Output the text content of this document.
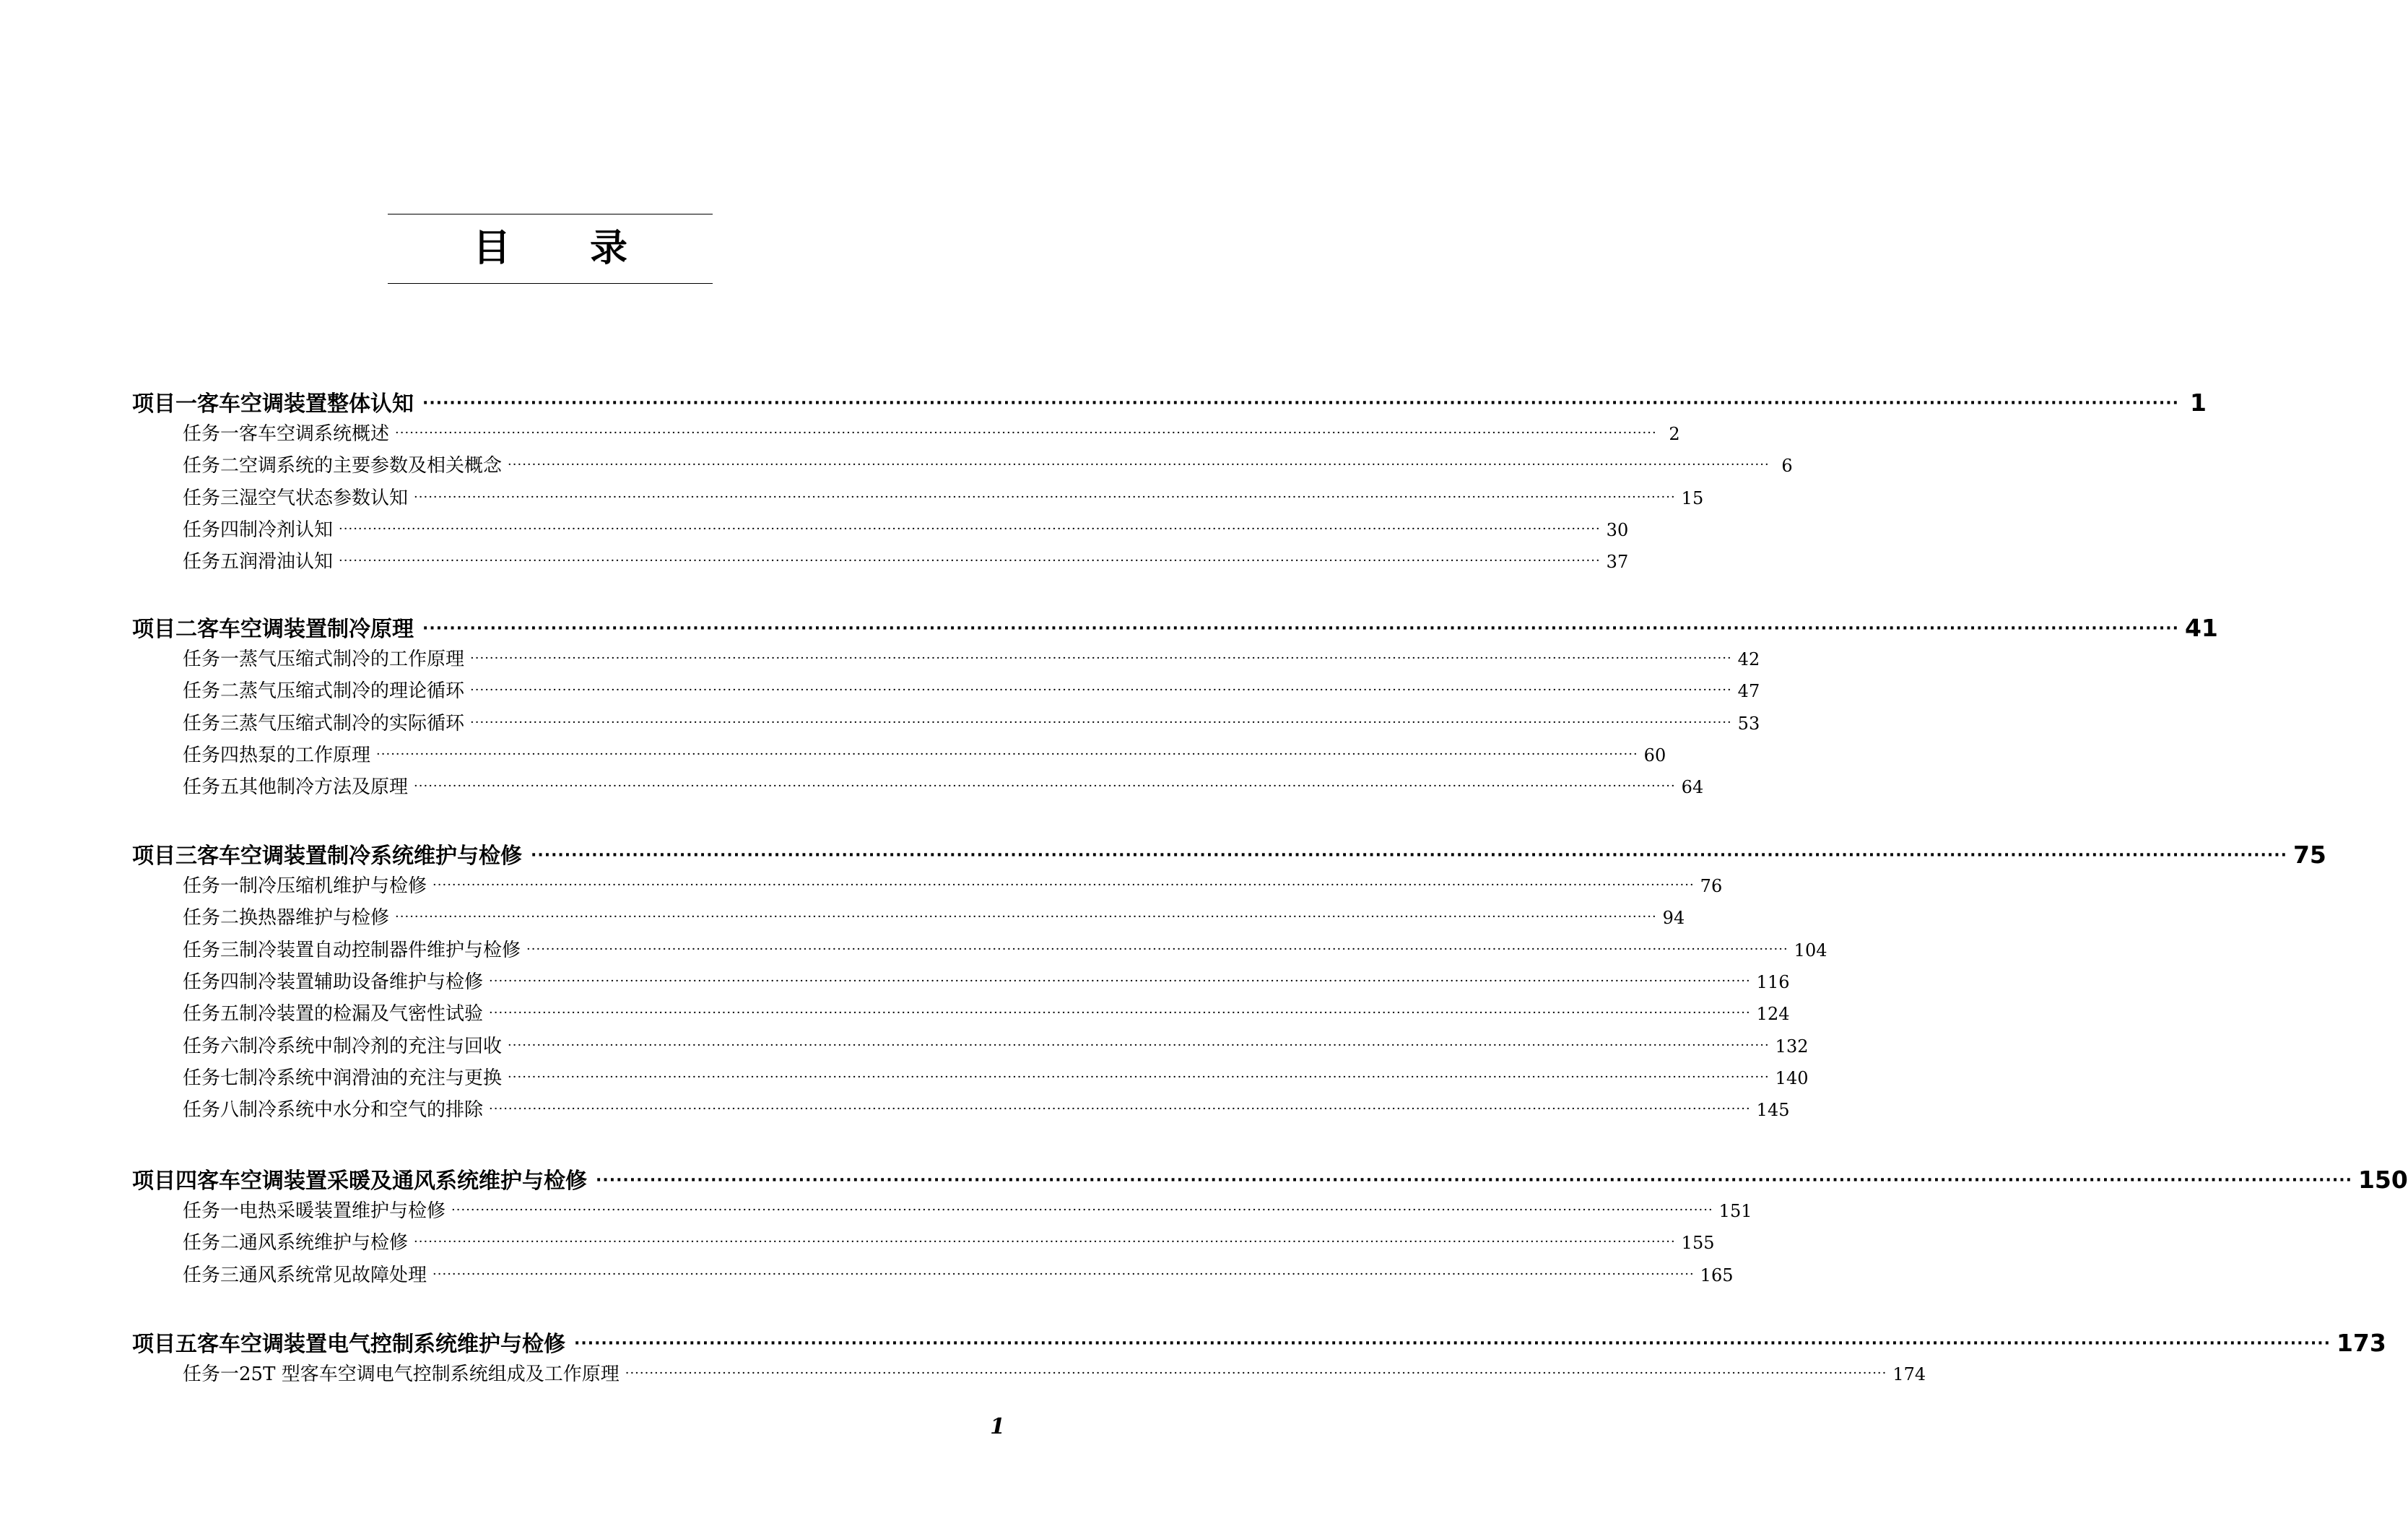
目录
项目一 客车空调装置整体认知 ···································································································································································································································································· 1
任务一 客车空调系统概述 ···································································································································································································································································· 2
任务二 空调系统的主要参数及相关概念 ···································································································································································································································································· 6
任务三 湿空气状态参数认知 ···································································································································································································································································· 15
任务四 制冷剂认知 ···································································································································································································································································· 30
任务五 润滑油认知 ···································································································································································································································································· 37
项目二 客车空调装置制冷原理 ···································································································································································································································································· 41
任务一 蒸气压缩式制冷的工作原理 ···································································································································································································································································· 42
任务二 蒸气压缩式制冷的理论循环 ···································································································································································································································································· 47
任务三 蒸气压缩式制冷的实际循环 ···································································································································································································································································· 53
任务四 热泵的工作原理 ···································································································································································································································································· 60
任务五 其他制冷方法及原理 ···································································································································································································································································· 64
项目三 客车空调装置制冷系统维护与检修 ···································································································································································································································································· 75
任务一 制冷压缩机维护与检修 ···································································································································································································································································· 76
任务二 换热器维护与检修 ···································································································································································································································································· 94
任务三 制冷装置自动控制器件维护与检修 ···································································································································································································································································· 104
任务四 制冷装置辅助设备维护与检修 ···································································································································································································································································· 116
任务五 制冷装置的检漏及气密性试验 ···································································································································································································································································· 124
任务六 制冷系统中制冷剂的充注与回收 ···································································································································································································································································· 132
任务七 制冷系统中润滑油的充注与更换 ···································································································································································································································································· 140
任务八 制冷系统中水分和空气的排除 ···································································································································································································································································· 145
项目四 客车空调装置采暖及通风系统维护与检修 ···································································································································································································································································· 150
任务一 电热采暖装置维护与检修 ···································································································································································································································································· 151
任务二 通风系统维护与检修 ···································································································································································································································································· 155
任务三 通风系统常见故障处理 ···································································································································································································································································· 165
项目五 客车空调装置电气控制系统维护与检修 ···································································································································································································································································· 173
任务一 25T 型客车空调电气控制系统组成及工作原理 ···································································································································································································································································· 174
1
